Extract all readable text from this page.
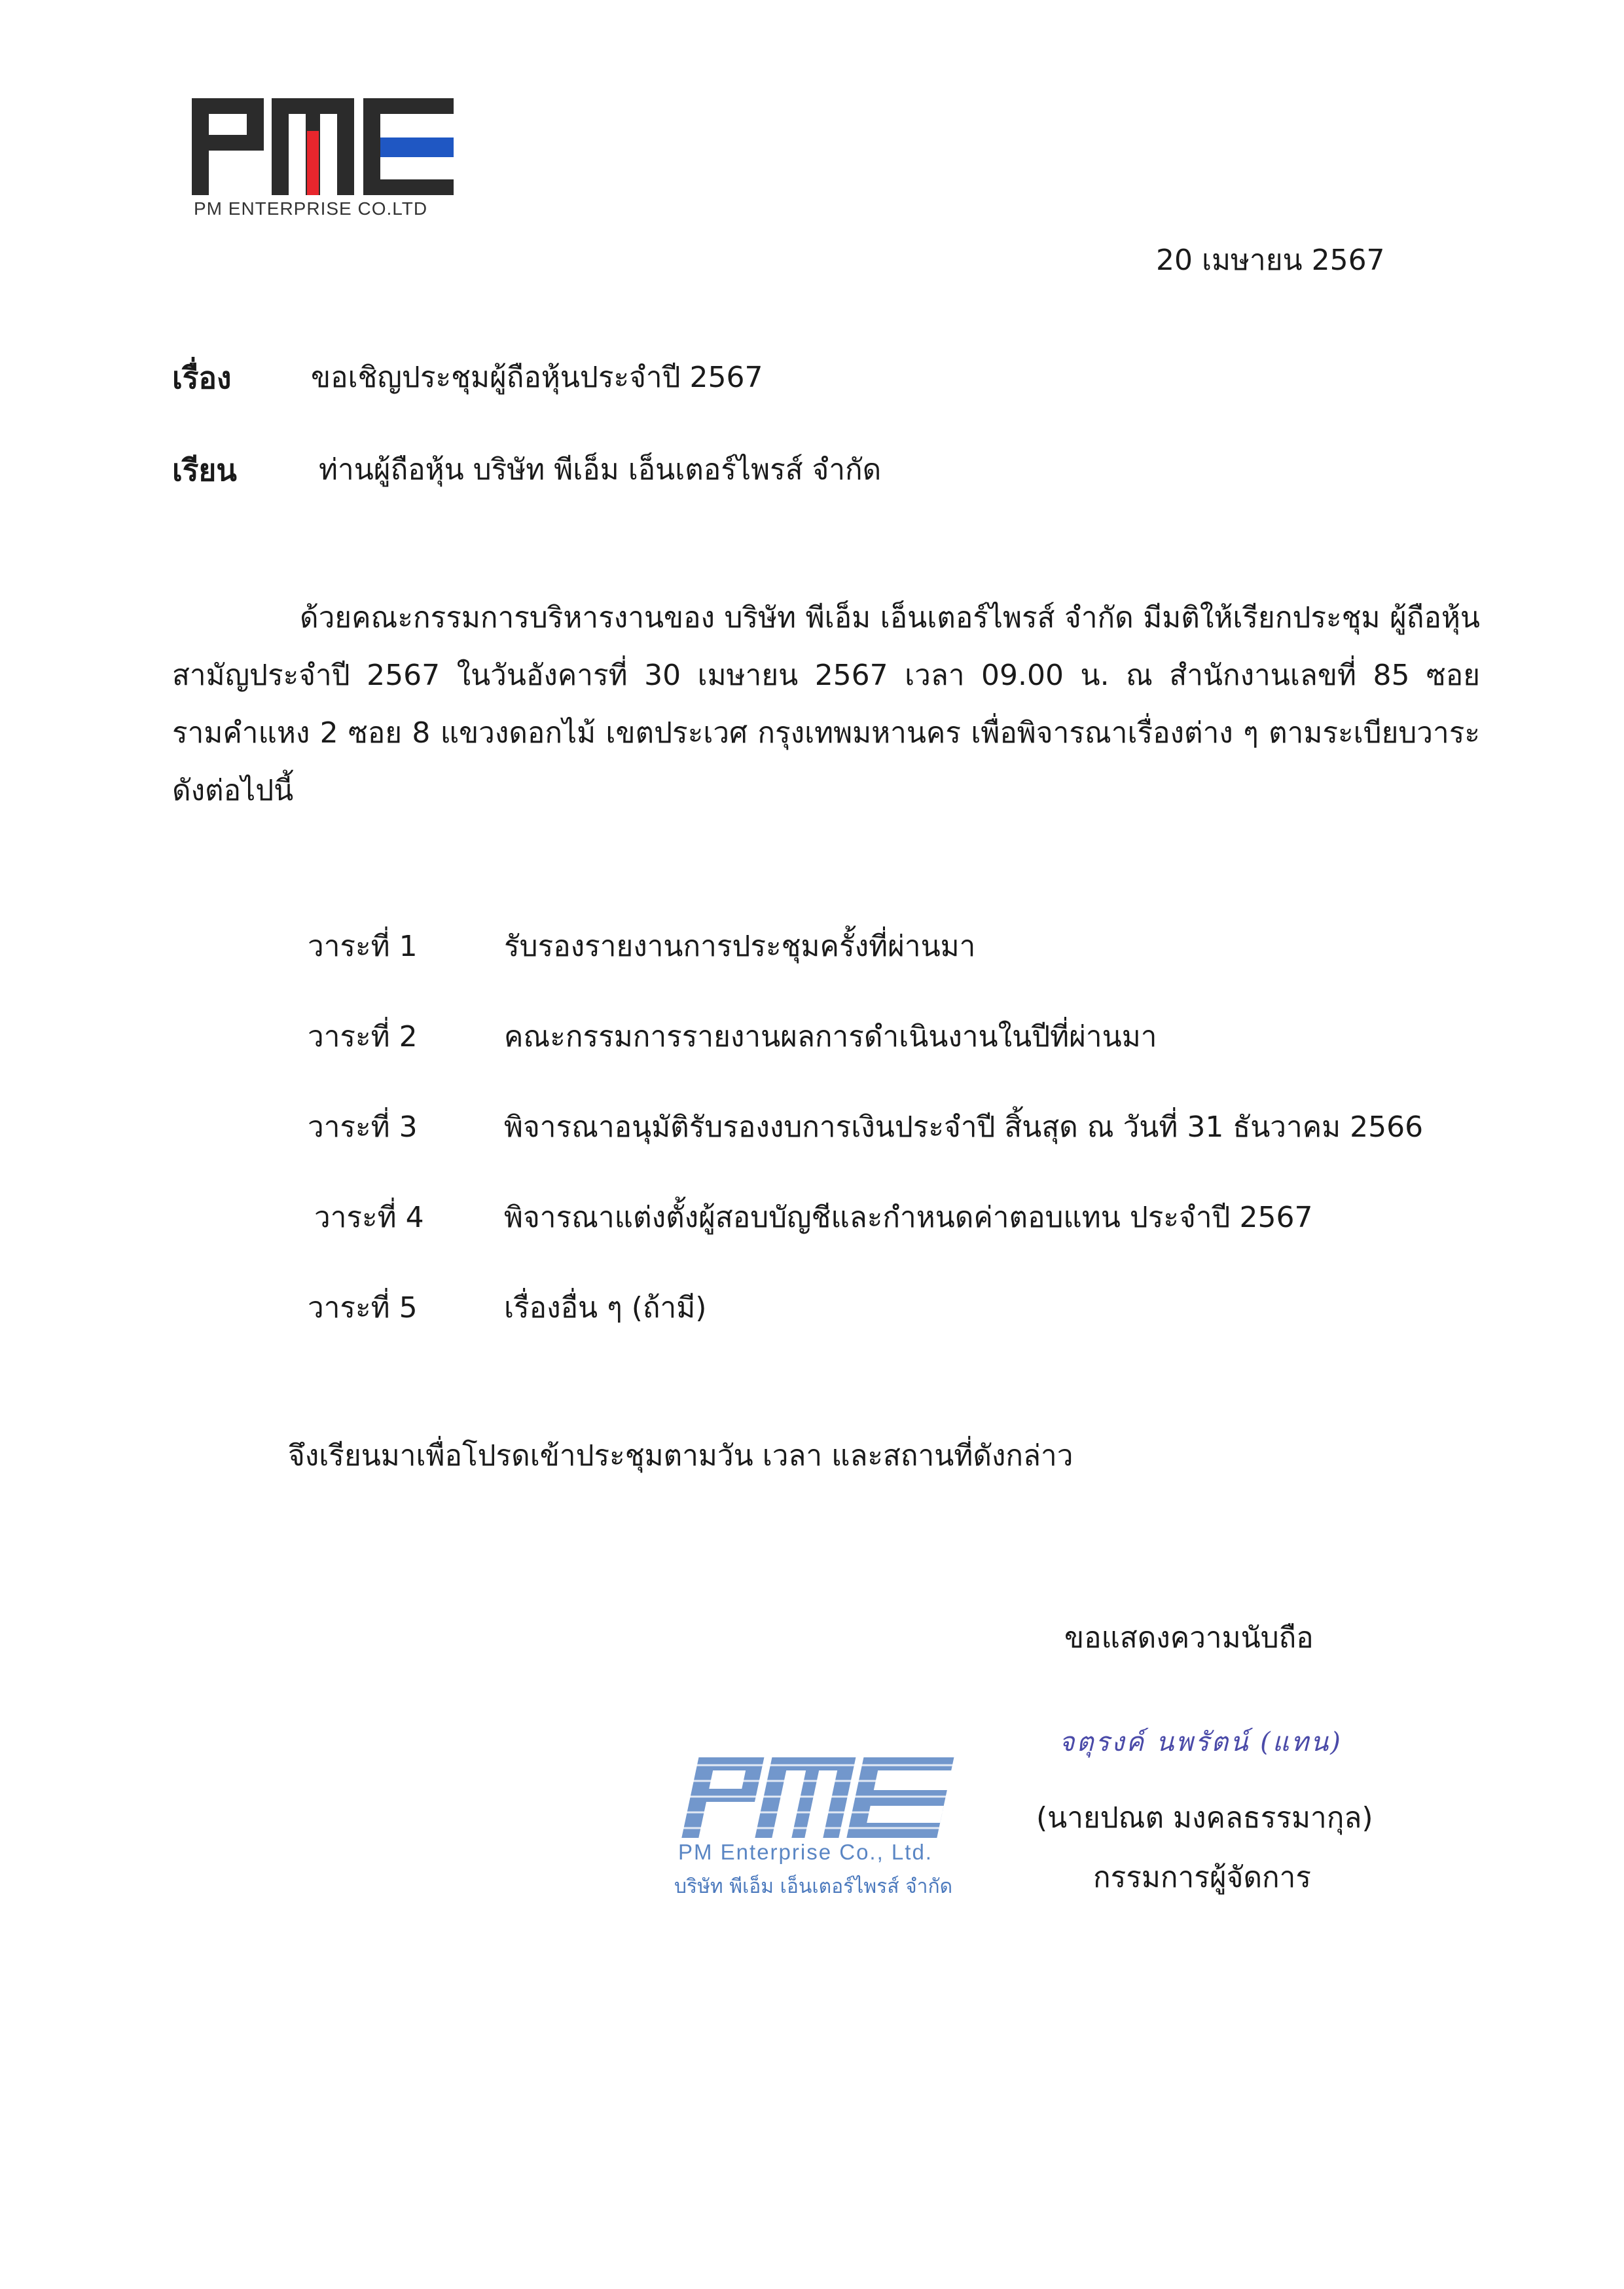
PM ENTERPRISE CO.LTD
20 เมษายน 2567
เรื่อง	ขอเชิญประชุมผู้ถือหุ้นประจำปี 2567
เรียน	ท่านผู้ถือหุ้น บริษัท พีเอ็ม เอ็นเตอร์ไพรส์ จำกัด
ด้วยคณะกรรมการบริหารงานของ บริษัท พีเอ็ม เอ็นเตอร์ไพรส์ จำกัด มีมติให้เรียกประชุม ผู้ถือหุ้นสามัญประจำปี 2567 ในวันอังคารที่ 30 เมษายน 2567 เวลา 09.00 น. ณ สำนักงานเลขที่ 85 ซอยรามคำแหง 2 ซอย 8 แขวงดอกไม้ เขตประเวศ กรุงเทพมหานคร เพื่อพิจารณาเรื่องต่าง ๆ ตามระเบียบวาระดังต่อไปนี้
วาระที่ 1	รับรองรายงานการประชุมครั้งที่ผ่านมา
วาระที่ 2	คณะกรรมการรายงานผลการดำเนินงานในปีที่ผ่านมา
วาระที่ 3	พิจารณาอนุมัติรับรองงบการเงินประจำปี สิ้นสุด ณ วันที่ 31 ธันวาคม 2566
วาระที่ 4	พิจารณาแต่งตั้งผู้สอบบัญชีและกำหนดค่าตอบแทน ประจำปี 2567
วาระที่ 5	เรื่องอื่น ๆ (ถ้ามี)
จึงเรียนมาเพื่อโปรดเข้าประชุมตามวัน เวลา และสถานที่ดังกล่าว
ขอแสดงความนับถือ
จตุรงค์ นพรัตน์ (แทน)
(นายปณต มงคลธรรมากุล)
กรรมการผู้จัดการ
PM Enterprise Co., Ltd.
บริษัท พีเอ็ม เอ็นเตอร์ไพรส์ จำกัด
